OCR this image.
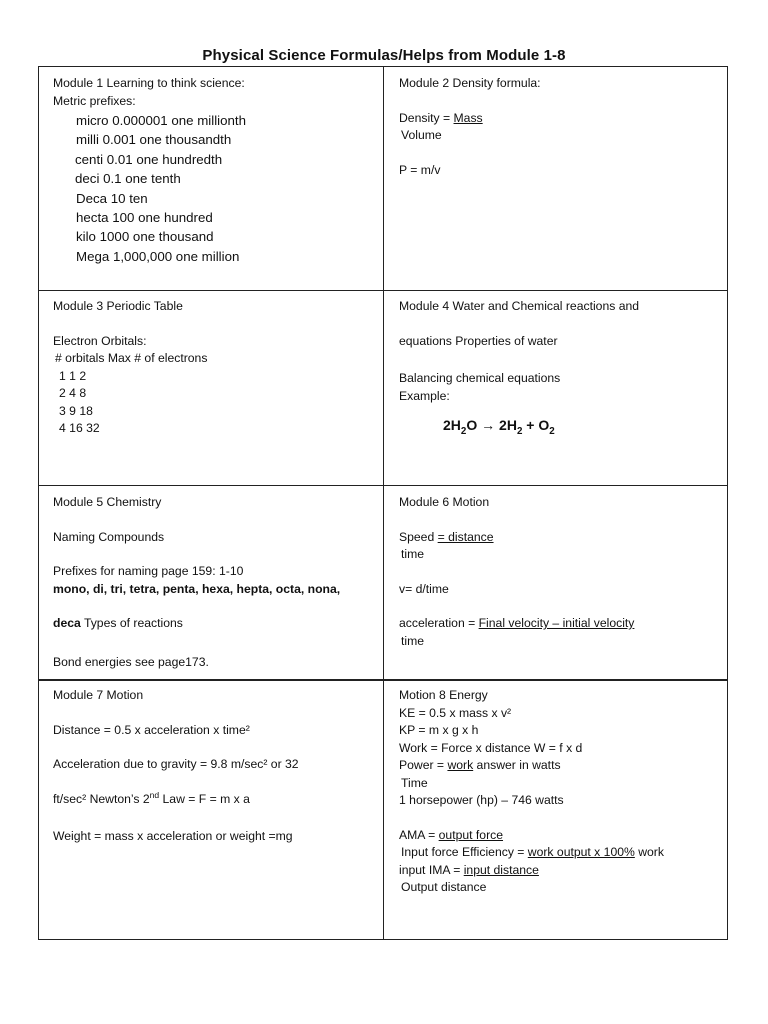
Physical Science Formulas/Helps from Module 1-8
Module 1 Learning to think science:
Metric prefixes:
micro 0.000001 one millionth
milli 0.001 one thousandth
centi 0.01 one hundredth
deci 0.1 one tenth
Deca 10 ten
hecta 100 one hundred
kilo 1000 one thousand
Mega 1,000,000 one million
Module 2 Density formula:
Density = Mass
Volume
P = m/v
Module 3 Periodic Table
Electron Orbitals:
# orbitals Max # of electrons
1 1 2
2 4 8
3 9 18
4 16 32
Module 4 Water and Chemical reactions and
equations Properties of water
Balancing chemical equations
Example:
$2H_2O \to 2H_2 + O_2$
Module 5 Chemistry
Naming Compounds
Prefixes for naming page 159: 1-10
mono, di, tri, tetra, penta, hexa, hepta, octa, nona,
deca Types of reactions
Bond energies see page173.
Module 6 Motion
Speed = distance
time
v= d/time
acceleration = Final velocity – initial velocity
time
Module 7 Motion
Distance = 0.5 x acceleration x time²
Acceleration due to gravity = 9.8 m/sec² or 32
ft/sec² Newton’s 2nd Law = F = m x a
Weight = mass x acceleration or weight =mg
Motion 8 Energy
KE = 0.5 x mass x v²
KP = m x g x h
Work = Force x distance W = f x d
Power = work answer in watts
Time
1 horsepower (hp) – 746 watts
AMA = output force
Input force Efficiency = work output x 100% work
input IMA = input distance
Output distance
